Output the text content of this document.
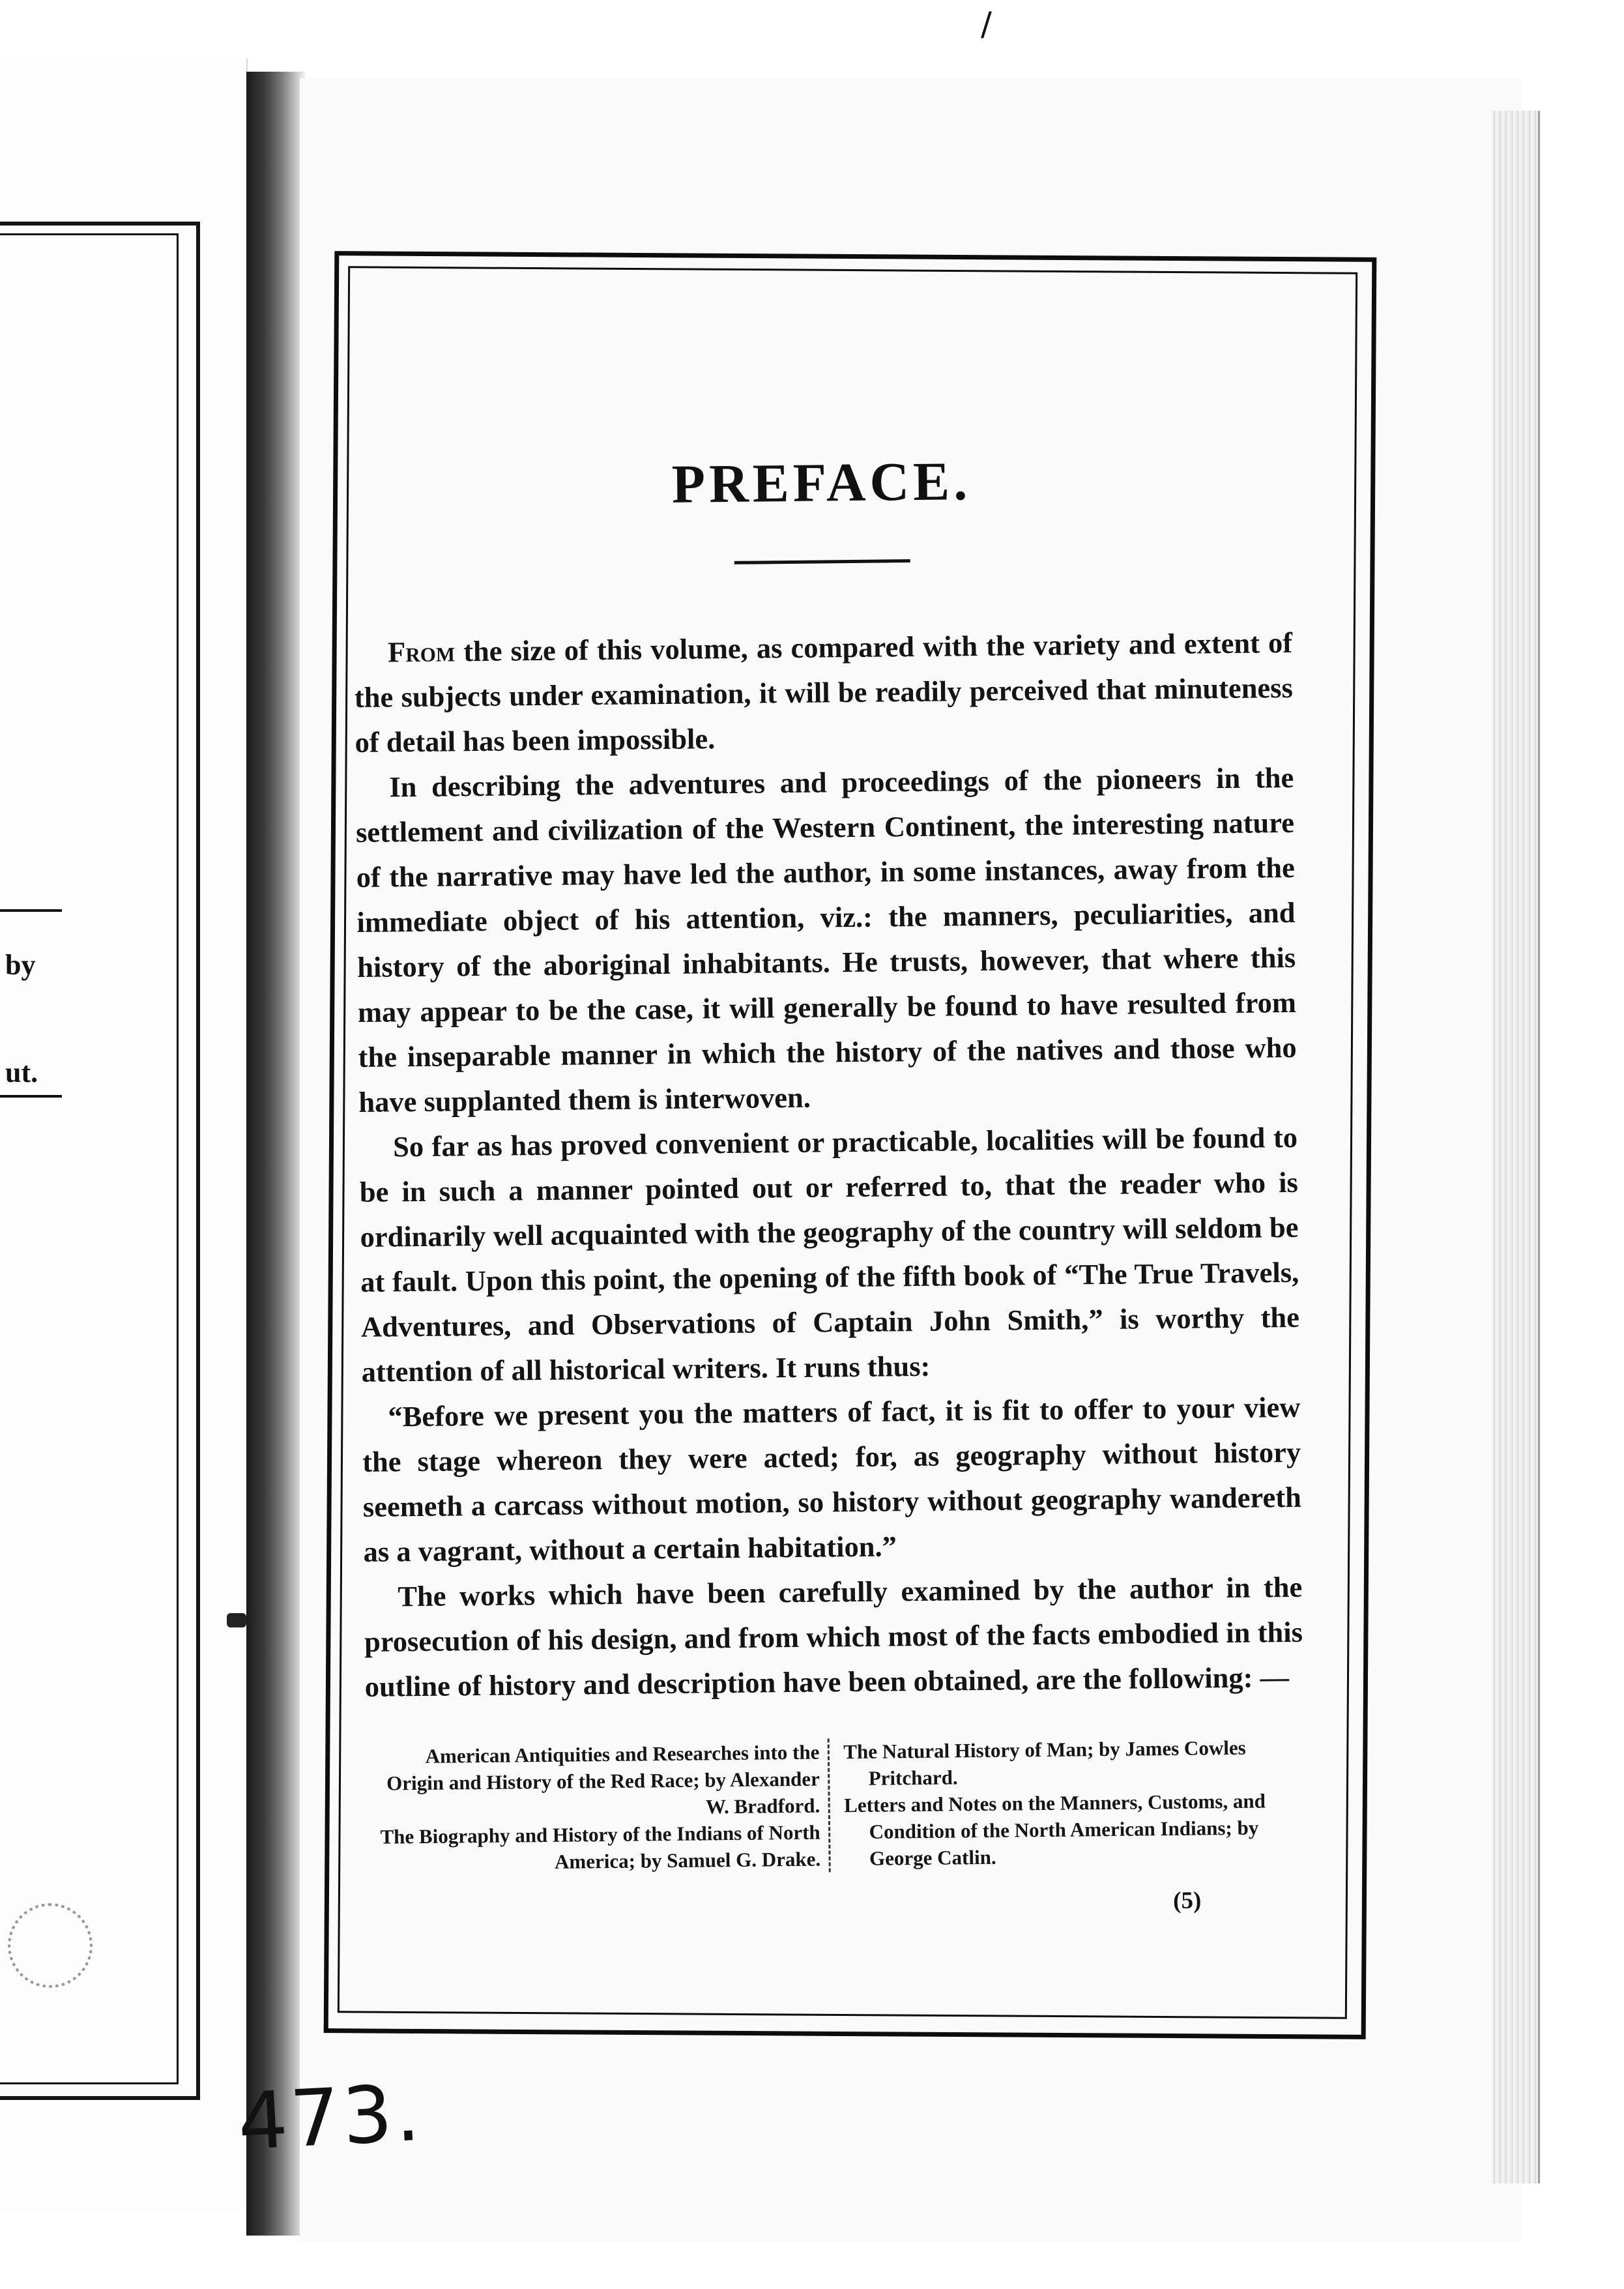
by
ut.
PREFACE.

From the size of this volume, as compared with the variety and extent of the subjects under examination, it will be readily perceived that minuteness of detail has been impossible.

In describing the adventures and proceedings of the pioneers in the settlement and civilization of the Western Continent, the interesting nature of the narrative may have led the author, in some instances, away from the immediate object of his attention, viz.: the manners, peculiarities, and history of the aboriginal inhabitants. He trusts, however, that where this may appear to be the case, it will generally be found to have resulted from the inseparable manner in which the history of the natives and those who have supplanted them is interwoven.

So far as has proved convenient or practicable, localities will be found to be in such a manner pointed out or referred to, that the reader who is ordinarily well acquainted with the geography of the country will seldom be at fault. Upon this point, the opening of the fifth book of “The True Travels, Adventures, and Observations of Captain John Smith,” is worthy the attention of all historical writers. It runs thus:

“Before we present you the matters of fact, it is fit to offer to your view the stage whereon they were acted; for, as geography without history seemeth a carcass without motion, so history without geography wandereth as a vagrant, without a certain habitation.”

The works which have been carefully examined by the author in the prosecution of his design, and from which most of the facts embodied in this outline of history and description have been obtained, are the following: —

American Antiquities and Researches into the Origin and History of the Red Race; by Alexander W. Bradford.

The Biography and History of the Indians of North America; by Samuel G. Drake.

The Natural History of Man; by James Cowles Pritchard.

Letters and Notes on the Manners, Customs, and Condition of the North American Indians; by George Catlin.

(5)
473.
/
